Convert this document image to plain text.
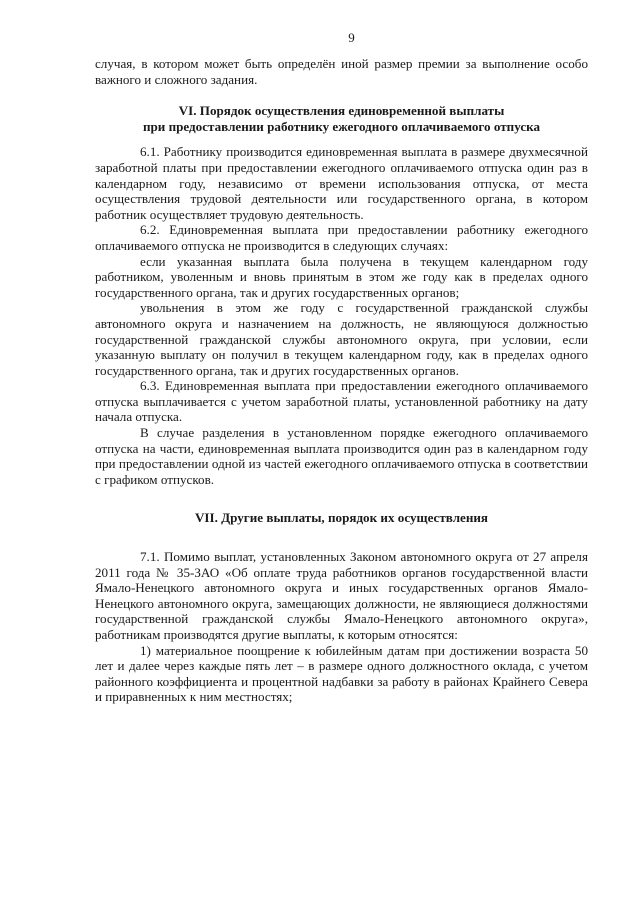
9

случая, в котором может быть определён иной размер премии за выполнение особо важного и сложного задания.

VI. Порядок осуществления единовременной выплаты
при предоставлении работнику ежегодного оплачиваемого отпуска

6.1. Работнику производится единовременная выплата в размере двухмесячной заработной платы при предоставлении ежегодного оплачиваемого отпуска один раз в календарном году, независимо от времени использования отпуска, от места осуществления трудовой деятельности или государственного органа, в котором работник осуществляет трудовую деятельность.

6.2. Единовременная выплата при предоставлении работнику ежегодного оплачиваемого отпуска не производится в следующих случаях:

если указанная выплата была получена в текущем календарном году работником, уволенным и вновь принятым в этом же году как в пределах одного государственного органа, так и других государственных органов;

увольнения в этом же году с государственной гражданской службы автономного округа и назначением на должность, не являющуюся должностью государственной гражданской службы автономного округа, при условии, если указанную выплату он получил в текущем календарном году, как в пределах одного государственного органа, так и других государственных органов.

6.3. Единовременная выплата при предоставлении ежегодного оплачиваемого отпуска выплачивается с учетом заработной платы, установленной работнику на дату начала отпуска.

В случае разделения в установленном порядке ежегодного оплачиваемого отпуска на части, единовременная выплата производится один раз в календарном году при предоставлении одной из частей ежегодного оплачиваемого отпуска в соответствии с графиком отпусков.

VII. Другие выплаты, порядок их осуществления

7.1. Помимо выплат, установленных Законом автономного округа от 27 апреля 2011 года № 35-ЗАО «Об оплате труда работников органов государственной власти Ямало-Ненецкого автономного округа и иных государственных органов Ямало-Ненецкого автономного округа, замещающих должности, не являющиеся должностями государственной гражданской службы Ямало-Ненецкого автономного округа», работникам производятся другие выплаты, к которым относятся:

1) материальное поощрение к юбилейным датам при достижении возраста 50 лет и далее через каждые пять лет – в размере одного должностного оклада, с учетом районного коэффициента и процентной надбавки за работу в районах Крайнего Севера и приравненных к ним местностях;
